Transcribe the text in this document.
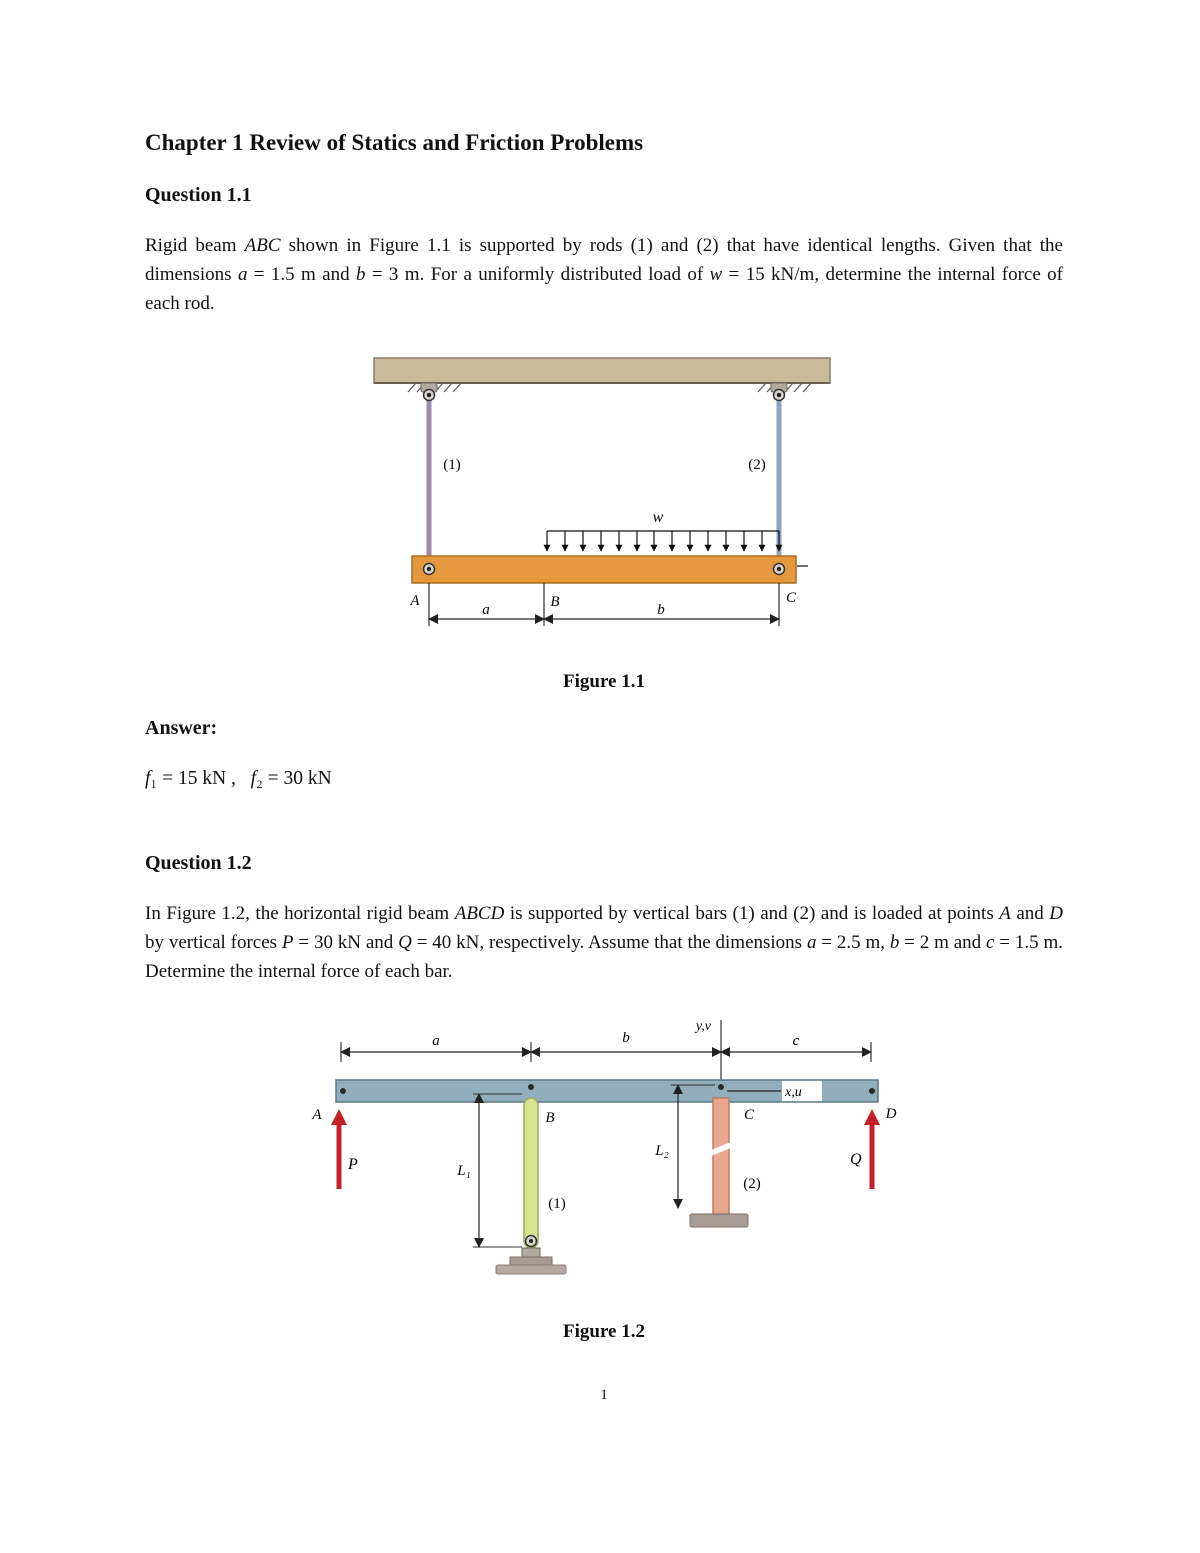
Chapter 1 Review of Statics and Friction Problems
Question 1.1

Rigid beam ABC shown in Figure 1.1 is supported by rods (1) and (2) that have identical lengths. Given that the dimensions a = 1.5 m and b = 3 m. For a uniformly distributed load of w = 15 kN/m, determine the internal force of each rod.

(1)	(2)
w
A	B	C
a	b
Figure 1.1
Answer:

f₁ = 15 kN ,   f₂ = 30 kN

Question 1.2

In Figure 1.2, the horizontal rigid beam ABCD is supported by vertical bars (1) and (2) and is loaded at points A and D by vertical forces P = 30 kN and Q = 40 kN, respectively. Assume that the dimensions a = 2.5 m, b = 2 m and c = 1.5 m. Determine the internal force of each bar.

a	b	c
y,v
x,u
L₁
(1)
L₂
(2)
P	Q
A	B	C	D
Figure 1.2
1
